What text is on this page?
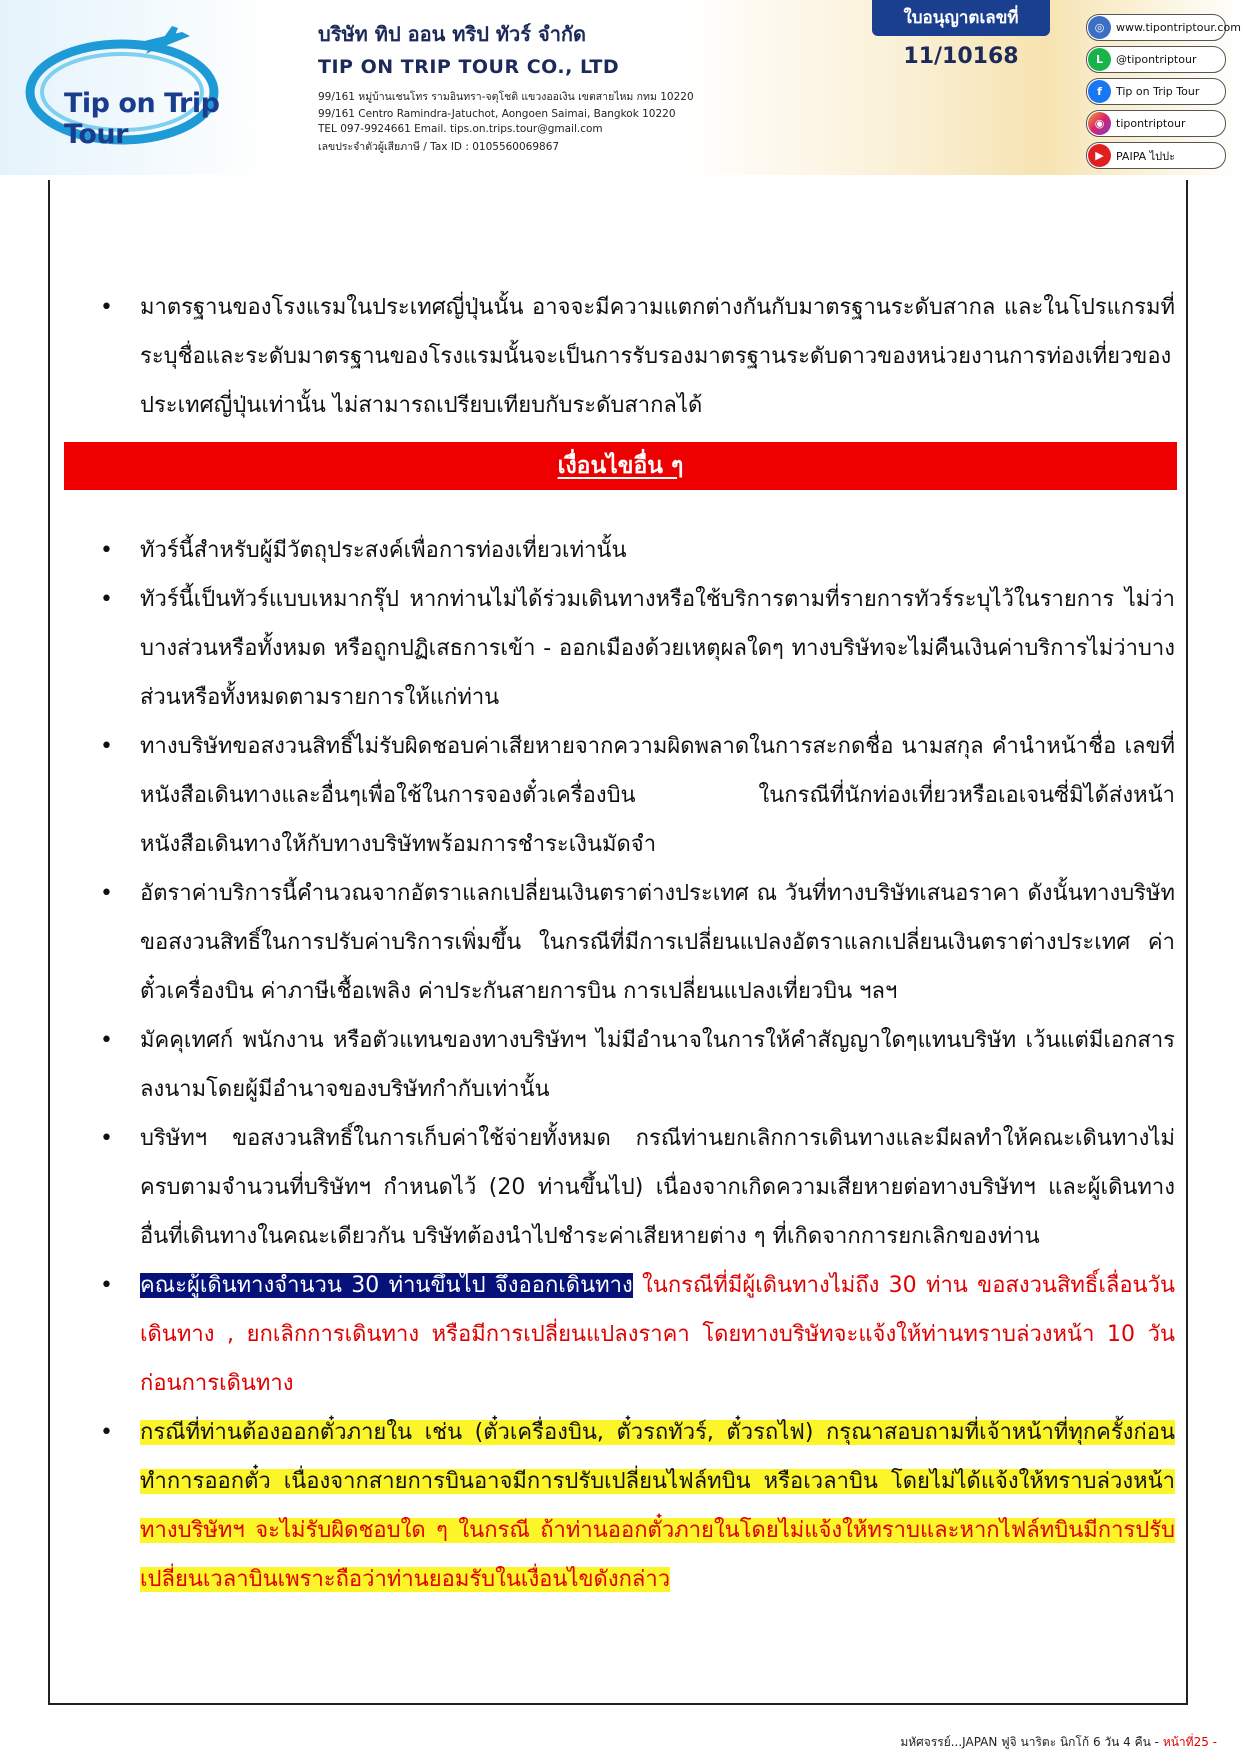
Tip on Trip Tour
บริษัท ทิป ออน ทริป ทัวร์ จำกัด
TIP ON TRIP TOUR CO., LTD
99/161 หมู่บ้านเชนโทร รามอินทรา-จตุโชติ แขวงออเงิน เขตสายไหม กทม 10220
99/161 Centro Ramindra-Jatuchot, Aongoen Saimai, Bangkok 10220
TEL 097-9924661 Email. tips.on.trips.tour@gmail.com
เลขประจำตัวผู้เสียภาษี / Tax ID : 0105560069867
ใบอนุญาตเลขที่
11/10168
◎	www.tipontriptour.com
L	@tipontriptour
f	Tip on Trip Tour
◉	tipontriptour
▶	PAIPA ไปปะ
• มาตรฐานของโรงแรมในประเทศญี่ปุ่นนั้น อาจจะมีความแตกต่างกันกับมาตรฐานระดับสากล และในโปรแกรมที่ระบุชื่อและระดับมาตรฐานของโรงแรมนั้นจะเป็นการรับรองมาตรฐานระดับดาวของหน่วยงานการท่องเที่ยวของประเทศญี่ปุ่นเท่านั้น ไม่สามารถเปรียบเทียบกับระดับสากลได้
เงื่อนไขอื่น ๆ
• ทัวร์นี้สำหรับผู้มีวัตถุประสงค์เพื่อการท่องเที่ยวเท่านั้น
• ทัวร์นี้เป็นทัวร์แบบเหมากรุ๊ป หากท่านไม่ได้ร่วมเดินทางหรือใช้บริการตามที่รายการทัวร์ระบุไว้ในรายการ ไม่ว่าบางส่วนหรือทั้งหมด หรือถูกปฏิเสธการเข้า - ออกเมืองด้วยเหตุผลใดๆ ทางบริษัทจะไม่คืนเงินค่าบริการไม่ว่าบางส่วนหรือทั้งหมดตามรายการให้แก่ท่าน
• ทางบริษัทขอสงวนสิทธิ์ไม่รับผิดชอบค่าเสียหายจากความผิดพลาดในการสะกดชื่อ นามสกุล คำนำหน้าชื่อ เลขที่หนังสือเดินทางและอื่นๆเพื่อใช้ในการจองตั๋วเครื่องบิน ในกรณีที่นักท่องเที่ยวหรือเอเจนซี่มิได้ส่งหน้าหนังสือเดินทางให้กับทางบริษัทพร้อมการชำระเงินมัดจำ
• อัตราค่าบริการนี้คำนวณจากอัตราแลกเปลี่ยนเงินตราต่างประเทศ ณ วันที่ทางบริษัทเสนอราคา ดังนั้นทางบริษัทขอสงวนสิทธิ์ในการปรับค่าบริการเพิ่มขึ้น ในกรณีที่มีการเปลี่ยนแปลงอัตราแลกเปลี่ยนเงินตราต่างประเทศ ค่าตั๋วเครื่องบิน ค่าภาษีเชื้อเพลิง ค่าประกันสายการบิน การเปลี่ยนแปลงเที่ยวบิน ฯลฯ
• มัคคุเทศก์ พนักงาน หรือตัวแทนของทางบริษัทฯ ไม่มีอำนาจในการให้คำสัญญาใดๆแทนบริษัท เว้นแต่มีเอกสารลงนามโดยผู้มีอำนาจของบริษัทกำกับเท่านั้น
• บริษัทฯ ขอสงวนสิทธิ์ในการเก็บค่าใช้จ่ายทั้งหมด กรณีท่านยกเลิกการเดินทางและมีผลทำให้คณะเดินทางไม่ครบตามจำนวนที่บริษัทฯ กำหนดไว้ (20 ท่านขึ้นไป) เนื่องจากเกิดความเสียหายต่อทางบริษัทฯ และผู้เดินทางอื่นที่เดินทางในคณะเดียวกัน บริษัทต้องนำไปชำระค่าเสียหายต่าง ๆ ที่เกิดจากการยกเลิกของท่าน
• คณะผู้เดินทางจำนวน 30 ท่านขึ้นไป จึงออกเดินทาง ในกรณีที่มีผู้เดินทางไม่ถึง 30 ท่าน ขอสงวนสิทธิ์เลื่อนวันเดินทาง , ยกเลิกการเดินทาง หรือมีการเปลี่ยนแปลงราคา โดยทางบริษัทจะแจ้งให้ท่านทราบล่วงหน้า 10 วันก่อนการเดินทาง
• กรณีที่ท่านต้องออกตั๋วภายใน เช่น (ตั๋วเครื่องบิน, ตั๋วรถทัวร์, ตั๋วรถไฟ) กรุณาสอบถามที่เจ้าหน้าที่ทุกครั้งก่อนทำการออกตั๋ว เนื่องจากสายการบินอาจมีการปรับเปลี่ยนไฟล์ทบิน หรือเวลาบิน โดยไม่ได้แจ้งให้ทราบล่วงหน้า ทางบริษัทฯ จะไม่รับผิดชอบใด ๆ ในกรณี ถ้าท่านออกตั๋วภายในโดยไม่แจ้งให้ทราบและหากไฟล์ทบินมีการปรับเปลี่ยนเวลาบินเพราะถือว่าท่านยอมรับในเงื่อนไขดังกล่าว
มหัศจรรย์...JAPAN ฟูจิ นาริตะ นิกโก้ 6 วัน 4 คืน - หน้าที่25 -
